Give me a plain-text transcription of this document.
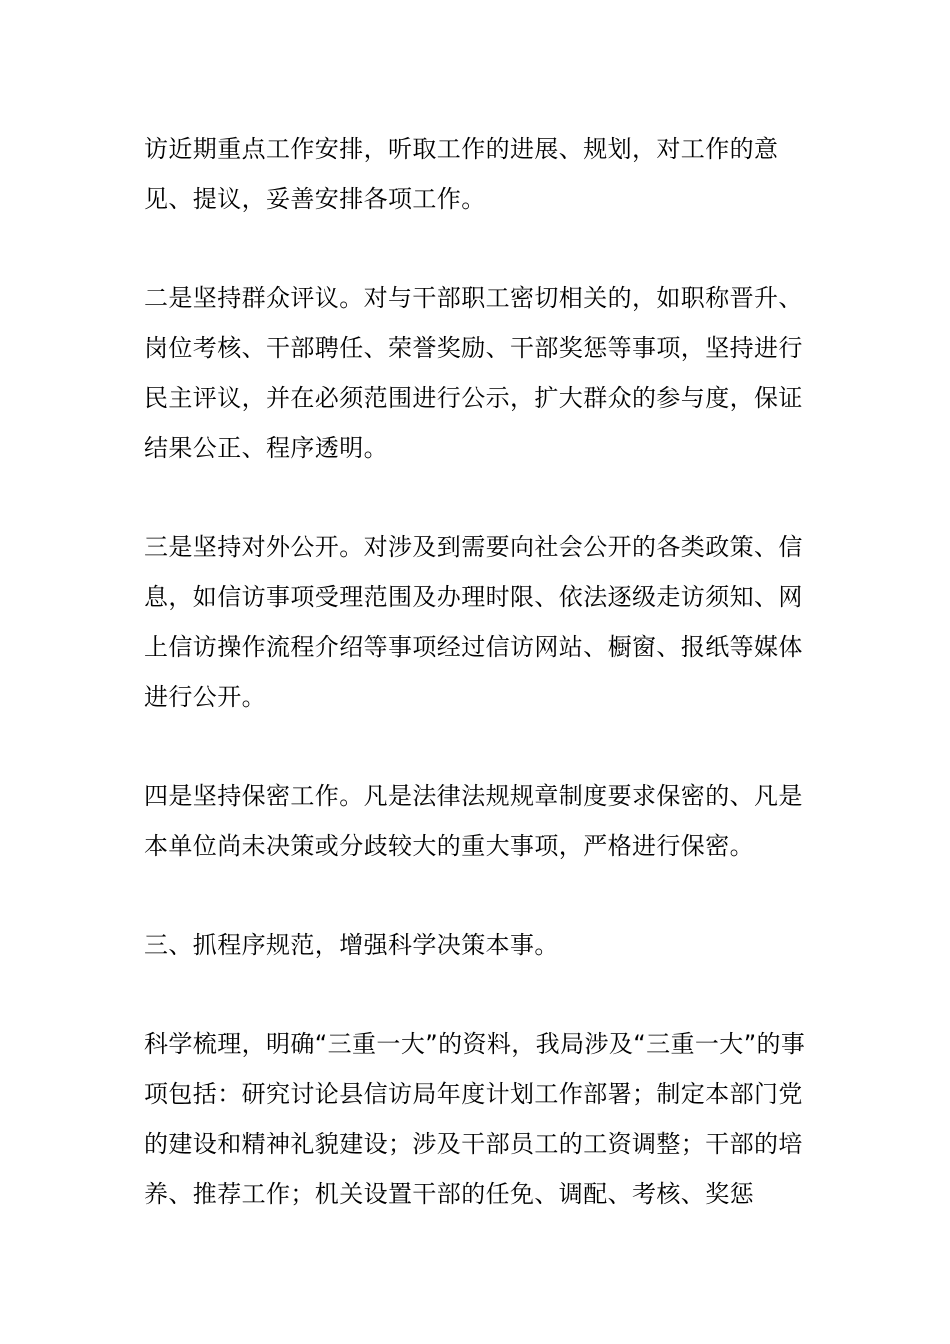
访近期重点工作安排，听取工作的进展、规划，对工作的意见、提议，妥善安排各项工作。

二是坚持群众评议。对与干部职工密切相关的，如职称晋升、岗位考核、干部聘任、荣誉奖励、干部奖惩等事项，坚持进行民主评议，并在必须范围进行公示，扩大群众的参与度，保证结果公正、程序透明。

三是坚持对外公开。对涉及到需要向社会公开的各类政策、信息，如信访事项受理范围及办理时限、依法逐级走访须知、网上信访操作流程介绍等事项经过信访网站、橱窗、报纸等媒体进行公开。

四是坚持保密工作。凡是法律法规规章制度要求保密的、凡是本单位尚未决策或分歧较大的重大事项，严格进行保密。

三、抓程序规范，增强科学决策本事。

科学梳理，明确“三重一大”的资料，我局涉及“三重一大”的事项包括：研究讨论县信访局年度计划工作部署；制定本部门党的建设和精神礼貌建设；涉及干部员工的工资调整；干部的培养、推荐工作；机关设置干部的任免、调配、考核、奖惩
